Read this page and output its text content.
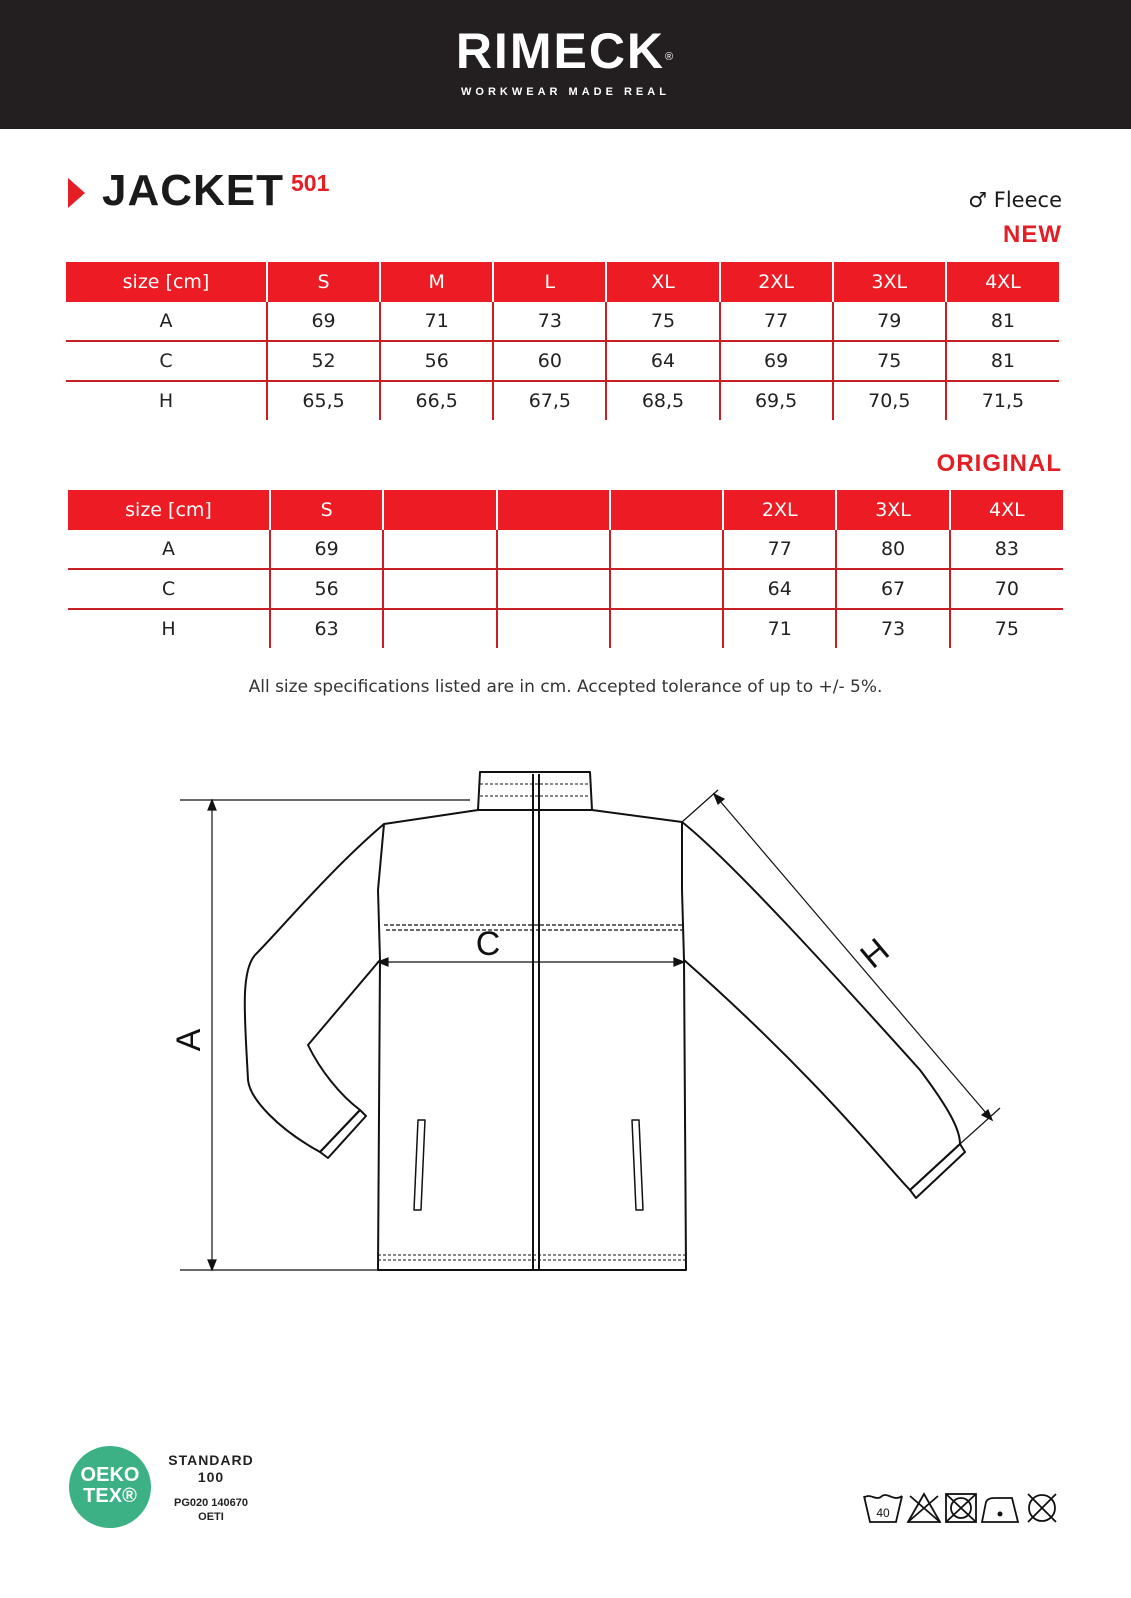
RIMECK®
WORKWEAR MADE REAL
JACKET 501
♂ Fleece
NEW
size [cm]	S	M	L	XL	2XL	3XL	4XL
A	69	71	73	75	77	79	81
C	52	56	60	64	69	75	81
H	65,5	66,5	67,5	68,5	69,5	70,5	71,5
ORIGINAL
size [cm]	S				2XL	3XL	4XL
A	69				77	80	83
C	56				64	67	70
H	63				71	73	75
All size specifications listed are in cm. Accepted tolerance of up to +/- 5%.
A
C	H
OEKO
TEX®
STANDARD
100
PG020 140670
OETI	40
